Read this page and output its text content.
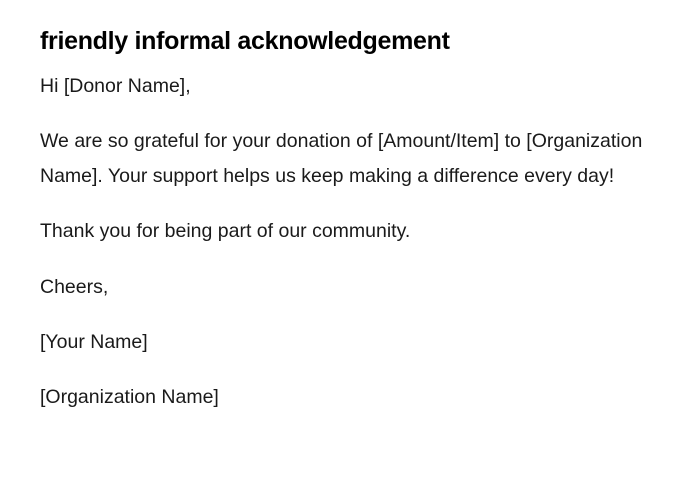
friendly informal acknowledgement

Hi [Donor Name],

We are so grateful for your donation of [Amount/Item] to [Organization Name]. Your support helps us keep making a difference every day!

Thank you for being part of our community.

Cheers,

[Your Name]

[Organization Name]
